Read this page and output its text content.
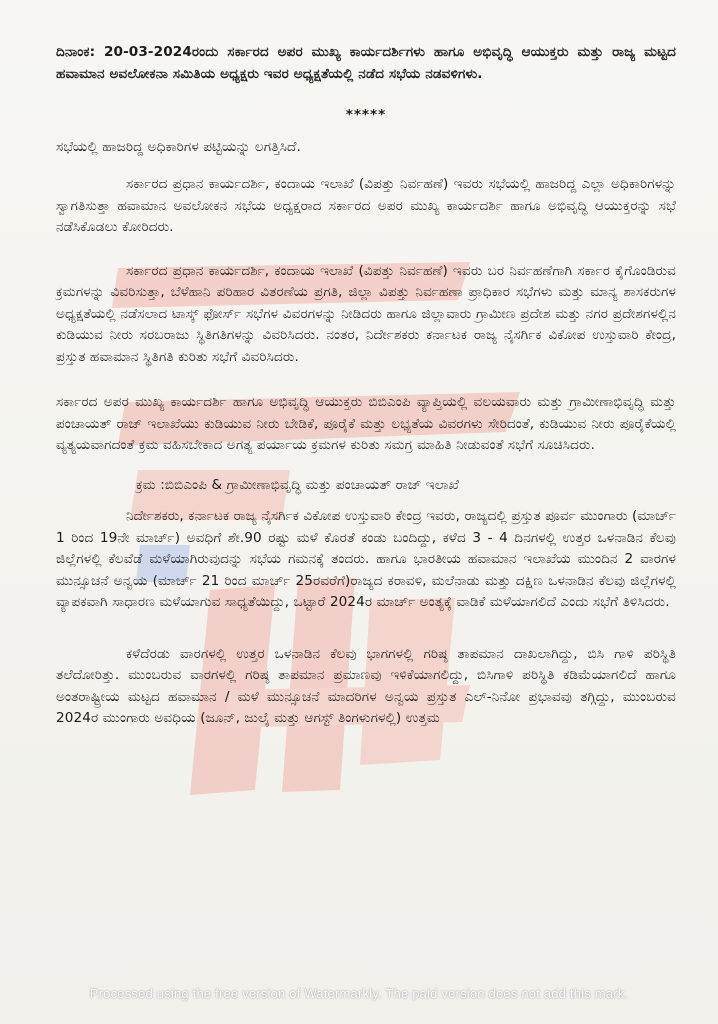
ದಿನಾಂಕ: 20-03-2024ರಂದು ಸರ್ಕಾರದ ಅಪರ ಮುಖ್ಯ ಕಾರ್ಯದರ್ಶಿಗಳು ಹಾಗೂ ಅಭಿವೃದ್ಧಿ ಆಯುಕ್ತರು ಮತ್ತು ರಾಜ್ಯ ಮಟ್ಟದ ಹವಾಮಾನ ಅವಲೋಕನಾ ಸಮಿತಿಯ ಅಧ್ಯಕ್ಷರು ಇವರ ಅಧ್ಯಕ್ಷತೆಯಲ್ಲಿ ನಡೆದ ಸಭೆಯ ನಡವಳಿಗಳು.

*****

ಸಭೆಯಲ್ಲಿ ಹಾಜರಿದ್ದ ಅಧಿಕಾರಿಗಳ ಪಟ್ಟಿಯನ್ನು ಲಗತ್ತಿಸಿದೆ.

ಸರ್ಕಾರದ ಪ್ರಧಾನ ಕಾರ್ಯದರ್ಶಿ, ಕಂದಾಯ ಇಲಾಖೆ (ವಿಪತ್ತು ನಿರ್ವಹಣೆ) ಇವರು ಸಭೆಯಲ್ಲಿ ಹಾಜರಿದ್ದ ಎಲ್ಲಾ ಅಧಿಕಾರಿಗಳನ್ನು ಸ್ವಾಗತಿಸುತ್ತಾ ಹವಾಮಾನ ಅವಲೋಕನ ಸಭೆಯ ಅಧ್ಯಕ್ಷರಾದ ಸರ್ಕಾರದ ಅಪರ ಮುಖ್ಯ ಕಾರ್ಯದರ್ಶಿ ಹಾಗೂ ಅಭಿವೃದ್ಧಿ ಆಯುಕ್ತರನ್ನು ಸಭೆ ನಡೆಸಿಕೊಡಲು ಕೋರಿದರು.

ಸರ್ಕಾರದ ಪ್ರಧಾನ ಕಾರ್ಯದರ್ಶಿ, ಕಂದಾಯ ಇಲಾಖೆ (ವಿಪತ್ತು ನಿರ್ವಹಣೆ) ಇವರು ಬರ ನಿರ್ವಹಣೆಗಾಗಿ ಸರ್ಕಾರ ಕೈಗೊಂಡಿರುವ ಕ್ರಮಗಳನ್ನು ವಿವರಿಸುತ್ತಾ, ಬೆಳೆಹಾನಿ ಪರಿಹಾರ ವಿತರಣೆಯ ಪ್ರಗತಿ, ಜಿಲ್ಲಾ ವಿಪತ್ತು ನಿರ್ವಹಣಾ ಪ್ರಾಧಿಕಾರ ಸಭೆಗಳು ಮತ್ತು ಮಾನ್ಯ ಶಾಸಕರುಗಳ ಅಧ್ಯಕ್ಷತೆಯಲ್ಲಿ ನಡೆಸಲಾದ ಟಾಸ್ಕ್ ಫೋರ್ಸ್ ಸಭೆಗಳ ವಿವರಗಳನ್ನು ನೀಡಿದರು ಹಾಗೂ ಜಿಲ್ಲಾವಾರು ಗ್ರಾಮೀಣ ಪ್ರದೇಶ ಮತ್ತು ನಗರ ಪ್ರದೇಶಗಳಲ್ಲಿನ ಕುಡಿಯುವ ನೀರು ಸರಬರಾಜು ಸ್ಥಿತಿಗತಿಗಳನ್ನು ವಿವರಿಸಿದರು. ನಂತರ, ನಿರ್ದೇಶಕರು ಕರ್ನಾಟಕ ರಾಜ್ಯ ನೈಸರ್ಗಿಕ ವಿಕೋಪ ಉಸ್ತುವಾರಿ ಕೇಂದ್ರ, ಪ್ರಸ್ತುತ ಹವಾಮಾನ ಸ್ಥಿತಿಗತಿ ಕುರಿತು ಸಭೆಗೆ ವಿವರಿಸಿದರು.

ಸರ್ಕಾರದ ಅಪರ ಮುಖ್ಯ ಕಾರ್ಯದರ್ಶಿ ಹಾಗೂ ಅಭಿವೃದ್ಧಿ ಆಯುಕ್ತರು ಬಿಬಿಎಂಪಿ ವ್ಯಾಪ್ತಿಯಲ್ಲಿ ವಲಯವಾರು ಮತ್ತು ಗ್ರಾಮೀಣಾಭಿವೃದ್ಧಿ ಮತ್ತು ಪಂಚಾಯತ್ ರಾಜ್ ಇಲಾಖೆಯು ಕುಡಿಯುವ ನೀರು ಬೇಡಿಕೆ, ಪೂರೈಕೆ ಮತ್ತು ಲಭ್ಯತೆಯ ವಿವರಗಳು ಸೇರಿದಂತೆ, ಕುಡಿಯುವ ನೀರು ಪೂರೈಕೆಯಲ್ಲಿ ವ್ಯತ್ಯಯವಾಗದಂತೆ ಕ್ರಮ ವಹಿಸಬೇಕಾದ ಅಗತ್ಯ ಪರ್ಯಾಯ ಕ್ರಮಗಳ ಕುರಿತು ಸಮಗ್ರ ಮಾಹಿತಿ ನೀಡುವಂತೆ ಸಭೆಗೆ ಸೂಚಿಸಿದರು.

ಕ್ರಮ :ಬಿಬಿಎಂಪಿ & ಗ್ರಾಮೀಣಾಭಿವೃದ್ಧಿ ಮತ್ತು ಪಂಚಾಯತ್ ರಾಜ್ ಇಲಾಖೆ

ನಿರ್ದೇಶಕರು, ಕರ್ನಾಟಕ ರಾಜ್ಯ ನೈಸರ್ಗಿಕ ವಿಕೋಪ ಉಸ್ತುವಾರಿ ಕೇಂದ್ರ ಇವರು, ರಾಜ್ಯದಲ್ಲಿ ಪ್ರಸ್ತುತ ಪೂರ್ವ ಮುಂಗಾರು (ಮಾರ್ಚ್ 1 ರಿಂದ 19ನೇ ಮಾರ್ಚ್) ಅವಧಿಗೆ ಶೇ.90 ರಷ್ಟು ಮಳೆ ಕೊರತೆ ಕಂಡು ಬಂದಿದ್ದು, ಕಳೆದ 3 - 4 ದಿನಗಳಲ್ಲಿ ಉತ್ತರ ಒಳನಾಡಿನ ಕೆಲವು ಜಿಲ್ಲೆಗಳಲ್ಲಿ ಕೆಲವೆಡೆ ಮಳೆಯಾಗಿರುವುದನ್ನು ಸಭೆಯ ಗಮನಕ್ಕೆ ತಂದರು. ಹಾಗೂ ಭಾರತೀಯ ಹವಾಮಾನ ಇಲಾಖೆಯ ಮುಂದಿನ 2 ವಾರಗಳ ಮುನ್ಸೂಚನೆ ಅನ್ವಯ (ಮಾರ್ಚ್ 21 ರಿಂದ ಮಾರ್ಚ್ 25ರವರೆಗೆ)ರಾಜ್ಯದ ಕರಾವಳಿ, ಮಲೆನಾಡು ಮತ್ತು ದಕ್ಷಿಣ ಒಳನಾಡಿನ ಕೆಲವು ಜಿಲ್ಲೆಗಳಲ್ಲಿ ವ್ಯಾಪಕವಾಗಿ ಸಾಧಾರಣ ಮಳೆಯಾಗುವ ಸಾಧ್ಯತೆಯಿದ್ದು, ಒಟ್ಟಾರೆ 2024ರ ಮಾರ್ಚ್ ಅಂತ್ಯಕ್ಕೆ ವಾಡಿಕೆ ಮಳೆಯಾಗಲಿದೆ ಎಂದು ಸಭೆಗೆ ತಿಳಿಸಿದರು.

ಕಳೆದೆರಡು ವಾರಗಳಲ್ಲಿ ಉತ್ತರ ಒಳನಾಡಿನ ಕೆಲವು ಭಾಗಗಳಲ್ಲಿ ಗರಿಷ್ಠ ತಾಪಮಾನ ದಾಖಲಾಗಿದ್ದು, ಬಿಸಿ ಗಾಳಿ ಪರಿಸ್ಥಿತಿ ತಲೆದೋರಿತ್ತು. ಮುಂಬರುವ ವಾರಗಳಲ್ಲಿ ಗರಿಷ್ಠ ತಾಪಮಾನ ಪ್ರಮಾಣವು ಇಳಿಕೆಯಾಗಲಿದ್ದು, ಬಿಸಿಗಾಳಿ ಪರಿಸ್ಥಿತಿ ಕಡಿಮೆಯಾಗಲಿದೆ ಹಾಗೂ ಅಂತರಾಷ್ಟ್ರೀಯ ಮಟ್ಟದ ಹವಾಮಾನ / ಮಳೆ ಮುನ್ಸೂಚನೆ ಮಾದರಿಗಳ ಅನ್ವಯ ಪ್ರಸ್ತುತ ಎಲ್-ನಿನೋ ಪ್ರಭಾವವು ತಗ್ಗಿದ್ದು, ಮುಂಬರುವ 2024ರ ಮುಂಗಾರು ಅವಧಿಯ (ಜೂನ್, ಜುಲೈ ಮತ್ತು ಆಗಸ್ಟ್ ತಿಂಗಳುಗಳಲ್ಲಿ) ಉತ್ತಮ

Processed using the free version of Watermarkly. The paid version does not add this mark.
